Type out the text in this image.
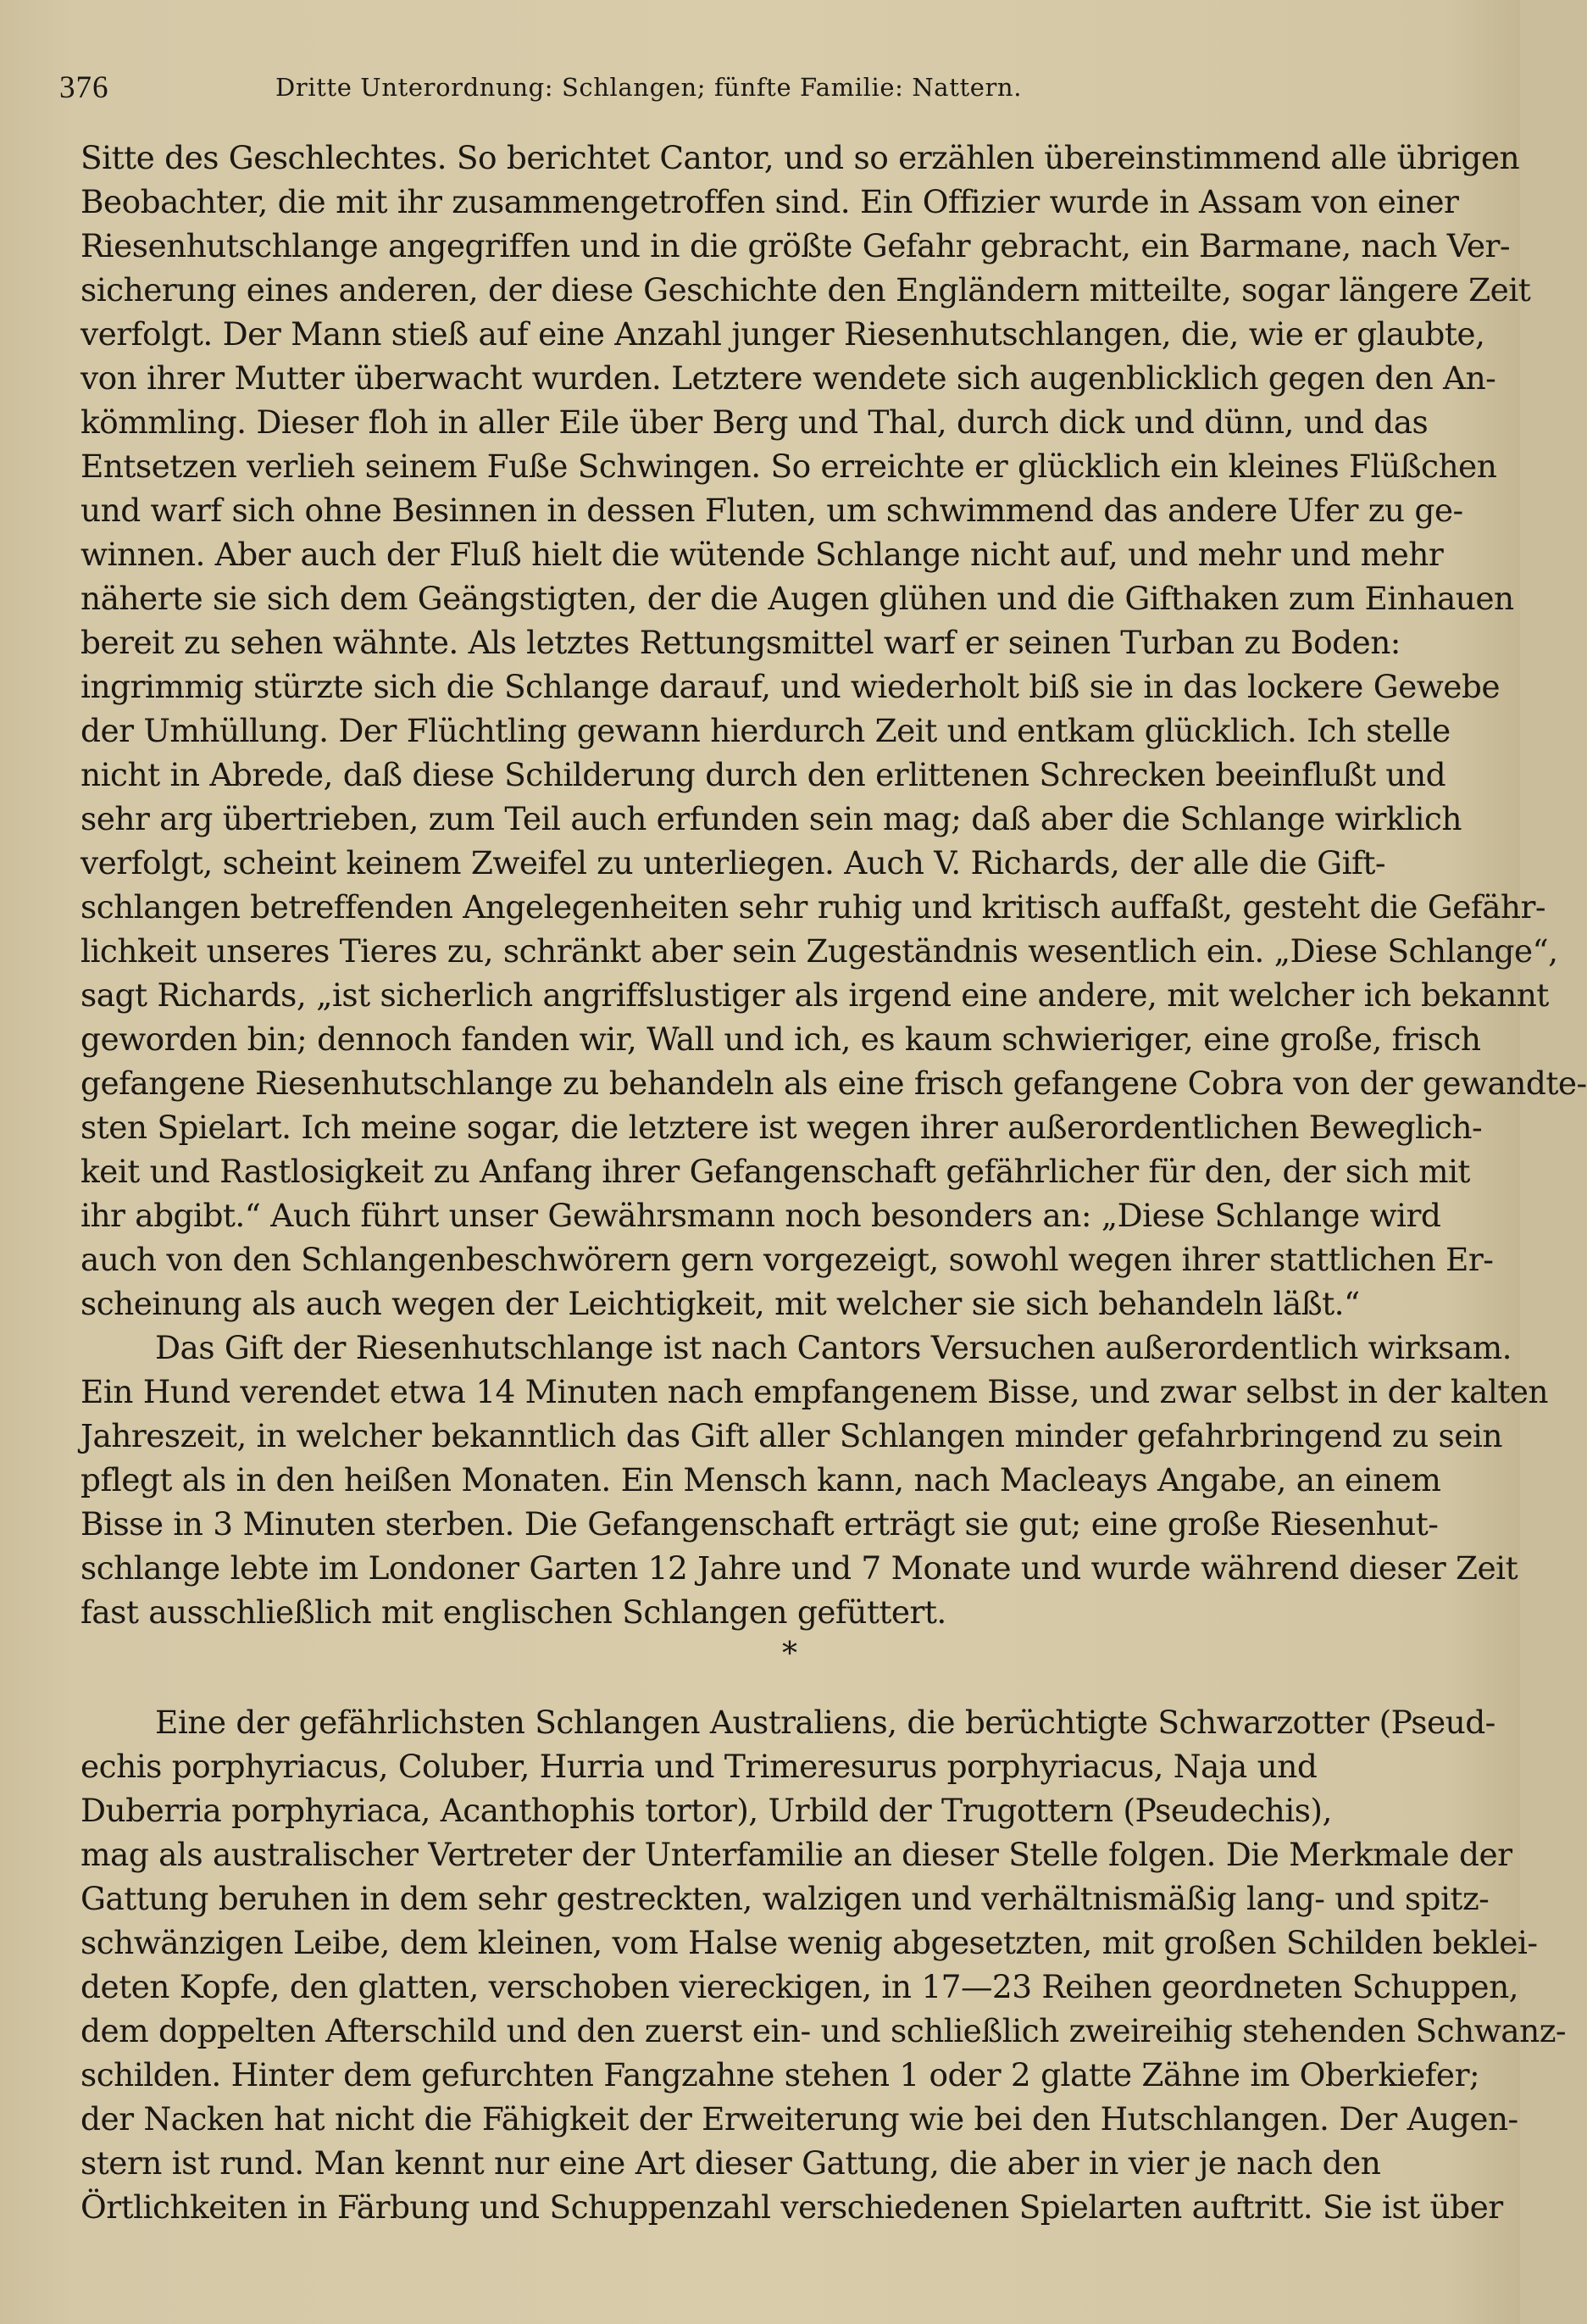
376	Dritte Unterordnung: Schlangen; fünfte Familie: Nattern.
Sitte des Geschlechtes. So berichtet Cantor, und so erzählen übereinstimmend alle übrigen
Beobachter, die mit ihr zusammengetroffen sind. Ein Offizier wurde in Assam von einer
Riesenhutschlange angegriffen und in die größte Gefahr gebracht, ein Barmane, nach Ver-
sicherung eines anderen, der diese Geschichte den Engländern mitteilte, sogar längere Zeit
verfolgt. Der Mann stieß auf eine Anzahl junger Riesenhutschlangen, die, wie er glaubte,
von ihrer Mutter überwacht wurden. Letztere wendete sich augenblicklich gegen den An-
kömmling. Dieser floh in aller Eile über Berg und Thal, durch dick und dünn, und das
Entsetzen verlieh seinem Fuße Schwingen. So erreichte er glücklich ein kleines Flüßchen
und warf sich ohne Besinnen in dessen Fluten, um schwimmend das andere Ufer zu ge-
winnen. Aber auch der Fluß hielt die wütende Schlange nicht auf, und mehr und mehr
näherte sie sich dem Geängstigten, der die Augen glühen und die Gifthaken zum Einhauen
bereit zu sehen wähnte. Als letztes Rettungsmittel warf er seinen Turban zu Boden:
ingrimmig stürzte sich die Schlange darauf, und wiederholt biß sie in das lockere Gewebe
der Umhüllung. Der Flüchtling gewann hierdurch Zeit und entkam glücklich. Ich stelle
nicht in Abrede, daß diese Schilderung durch den erlittenen Schrecken beeinflußt und
sehr arg übertrieben, zum Teil auch erfunden sein mag; daß aber die Schlange wirklich
verfolgt, scheint keinem Zweifel zu unterliegen. Auch V. Richards, der alle die Gift-
schlangen betreffenden Angelegenheiten sehr ruhig und kritisch auffaßt, gesteht die Gefähr-
lichkeit unseres Tieres zu, schränkt aber sein Zugeständnis wesentlich ein. „Diese Schlange“,
sagt Richards, „ist sicherlich angriffslustiger als irgend eine andere, mit welcher ich bekannt
geworden bin; dennoch fanden wir, Wall und ich, es kaum schwieriger, eine große, frisch
gefangene Riesenhutschlange zu behandeln als eine frisch gefangene Cobra von der gewandte-
sten Spielart. Ich meine sogar, die letztere ist wegen ihrer außerordentlichen Beweglich-
keit und Rastlosigkeit zu Anfang ihrer Gefangenschaft gefährlicher für den, der sich mit
ihr abgibt.“ Auch führt unser Gewährsmann noch besonders an: „Diese Schlange wird
auch von den Schlangenbeschwörern gern vorgezeigt, sowohl wegen ihrer stattlichen Er-
scheinung als auch wegen der Leichtigkeit, mit welcher sie sich behandeln läßt.“
Das Gift der Riesenhutschlange ist nach Cantors Versuchen außerordentlich wirksam.
Ein Hund verendet etwa 14 Minuten nach empfangenem Bisse, und zwar selbst in der kalten
Jahreszeit, in welcher bekanntlich das Gift aller Schlangen minder gefahrbringend zu sein
pflegt als in den heißen Monaten. Ein Mensch kann, nach Macleays Angabe, an einem
Bisse in 3 Minuten sterben. Die Gefangenschaft erträgt sie gut; eine große Riesenhut-
schlange lebte im Londoner Garten 12 Jahre und 7 Monate und wurde während dieser Zeit
fast ausschließlich mit englischen Schlangen gefüttert.
*
Eine der gefährlichsten Schlangen Australiens, die berüchtigte Schwarzotter (Pseud-
echis porphyriacus, Coluber, Hurria und Trimeresurus porphyriacus, Naja und
Duberria porphyriaca, Acanthophis tortor), Urbild der Trugottern (Pseudechis),
mag als australischer Vertreter der Unterfamilie an dieser Stelle folgen. Die Merkmale der
Gattung beruhen in dem sehr gestreckten, walzigen und verhältnismäßig lang- und spitz-
schwänzigen Leibe, dem kleinen, vom Halse wenig abgesetzten, mit großen Schilden beklei-
deten Kopfe, den glatten, verschoben viereckigen, in 17—23 Reihen geordneten Schuppen,
dem doppelten Afterschild und den zuerst ein- und schließlich zweireihig stehenden Schwanz-
schilden. Hinter dem gefurchten Fangzahne stehen 1 oder 2 glatte Zähne im Oberkiefer;
der Nacken hat nicht die Fähigkeit der Erweiterung wie bei den Hutschlangen. Der Augen-
stern ist rund. Man kennt nur eine Art dieser Gattung, die aber in vier je nach den
Örtlichkeiten in Färbung und Schuppenzahl verschiedenen Spielarten auftritt. Sie ist über
